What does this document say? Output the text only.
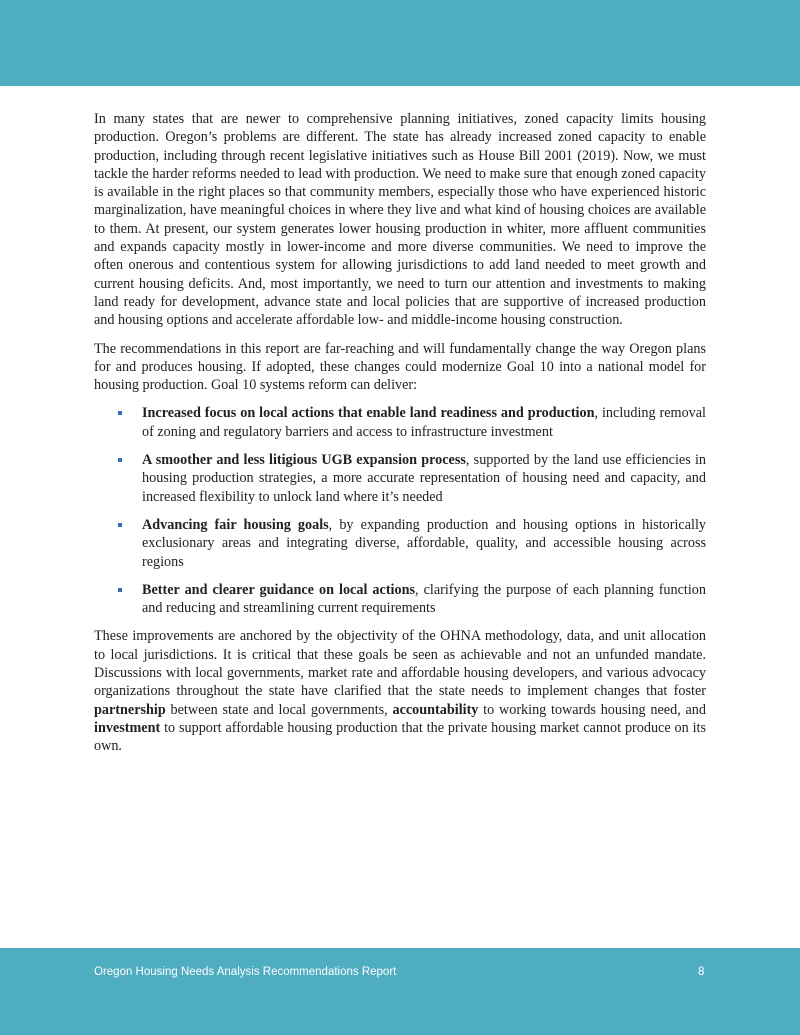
In many states that are newer to comprehensive planning initiatives, zoned capacity limits housing production. Oregon’s problems are different. The state has already increased zoned capacity to enable production, including through recent legislative initiatives such as House Bill 2001 (2019). Now, we must tackle the harder reforms needed to lead with production. We need to make sure that enough zoned capacity is available in the right places so that community members, especially those who have experienced historic marginalization, have meaningful choices in where they live and what kind of housing choices are available to them. At present, our system generates lower housing production in whiter, more affluent communities and expands capacity mostly in lower-income and more diverse communities. We need to improve the often onerous and contentious system for allowing jurisdictions to add land needed to meet growth and current housing deficits. And, most importantly, we need to turn our attention and investments to making land ready for development, advance state and local policies that are supportive of increased production and housing options and accelerate affordable low- and middle-income housing construction.

The recommendations in this report are far-reaching and will fundamentally change the way Oregon plans for and produces housing. If adopted, these changes could modernize Goal 10 into a national model for housing production. Goal 10 systems reform can deliver:

Increased focus on local actions that enable land readiness and production, including removal of zoning and regulatory barriers and access to infrastructure investment
A smoother and less litigious UGB expansion process, supported by the land use efficiencies in housing production strategies, a more accurate representation of housing need and capacity, and increased flexibility to unlock land where it’s needed
Advancing fair housing goals, by expanding production and housing options in historically exclusionary areas and integrating diverse, affordable, quality, and accessible housing across regions
Better and clearer guidance on local actions, clarifying the purpose of each planning function and reducing and streamlining current requirements

These improvements are anchored by the objectivity of the OHNA methodology, data, and unit allocation to local jurisdictions. It is critical that these goals be seen as achievable and not an unfunded mandate. Discussions with local governments, market rate and affordable housing developers, and various advocacy organizations throughout the state have clarified that the state needs to implement changes that foster partnership between state and local governments, accountability to working towards housing need, and investment to support affordable housing production that the private housing market cannot produce on its own.

Oregon Housing Needs Analysis Recommendations Report	8
